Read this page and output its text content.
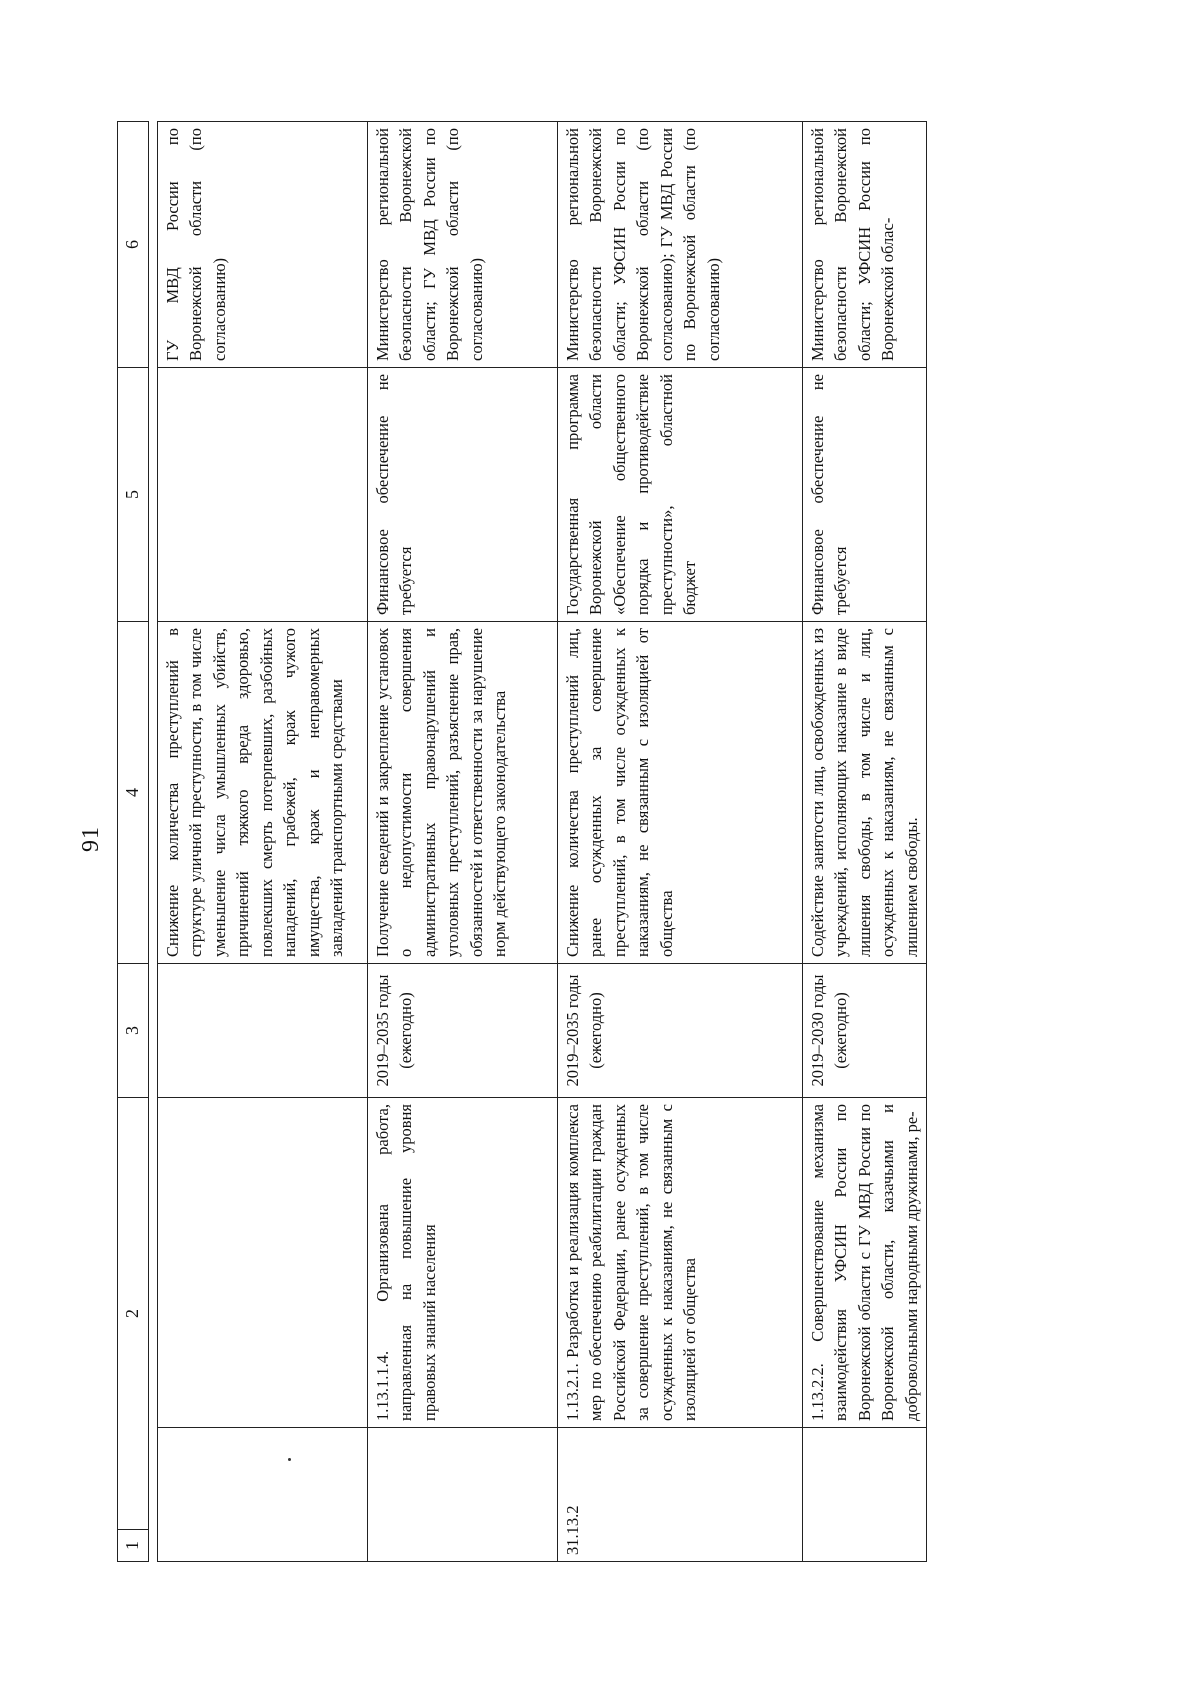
91
1	2		3	4	5	6

				Снижение количества преступлений в структуре уличной преступности, в том числе уменьшение числа умышленных убийств, причинений тяжкого вреда здоровью, повлекших смерть потерпевших, разбойных нападений, грабежей, краж чужого имущества, краж и неправомерных завладений транспортными средствами		ГУ МВД России по Воронежской области (по согласованию)
		1.13.1.1.4. Организована работа, направленная на повышение уровня правовых знаний населения	2019–2035 годы (ежегодно)	Получение сведений и закрепление установок о недопустимости совершения административных правонарушений и уголовных преступлений, разъяснение прав, обязанностей и ответственности за нарушение норм действующего законодательства	Финансовое обеспечение не требуется	Министерство региональной безопасности Воронежской области; ГУ МВД России по Воронежской области (по согласованию)
31.13.2		1.13.2.1. Разработка и реализация комплекса мер по обеспечению реабилитации граждан Российской Федерации, ранее осужденных за совершение преступлений, в том числе осужденных к наказаниям, не связанным с изоляцией от общества	2019–2035 годы (ежегодно)	Снижение количества преступлений лиц, ранее осужденных за совершение преступлений, в том числе осужденных к наказаниям, не связанным с изоляцией от общества	Государственная программа Воронежской области «Обеспечение общественного порядка и противодействие преступности», областной бюджет	Министерство региональной безопасности Воронежской области; УФСИН России по Воронежской области (по согласованию); ГУ МВД России по Воронежской области (по согласованию)
		1.13.2.2. Совершенствование механизма взаимодействия УФСИН России по Воронежской области с ГУ МВД России по Воронежской области, казачьими и добровольными народными дружинами, ре-	2019–2030 годы (ежегодно)	Содействие занятости лиц, освобожденных из учреждений, исполняющих наказание в виде лишения свободы, в том числе и лиц, осужденных к наказаниям, не связанным с лишением свободы.	Финансовое обеспечение не требуется	Министерство региональной безопасности Воронежской области; УФСИН России по Воронежской облас-
